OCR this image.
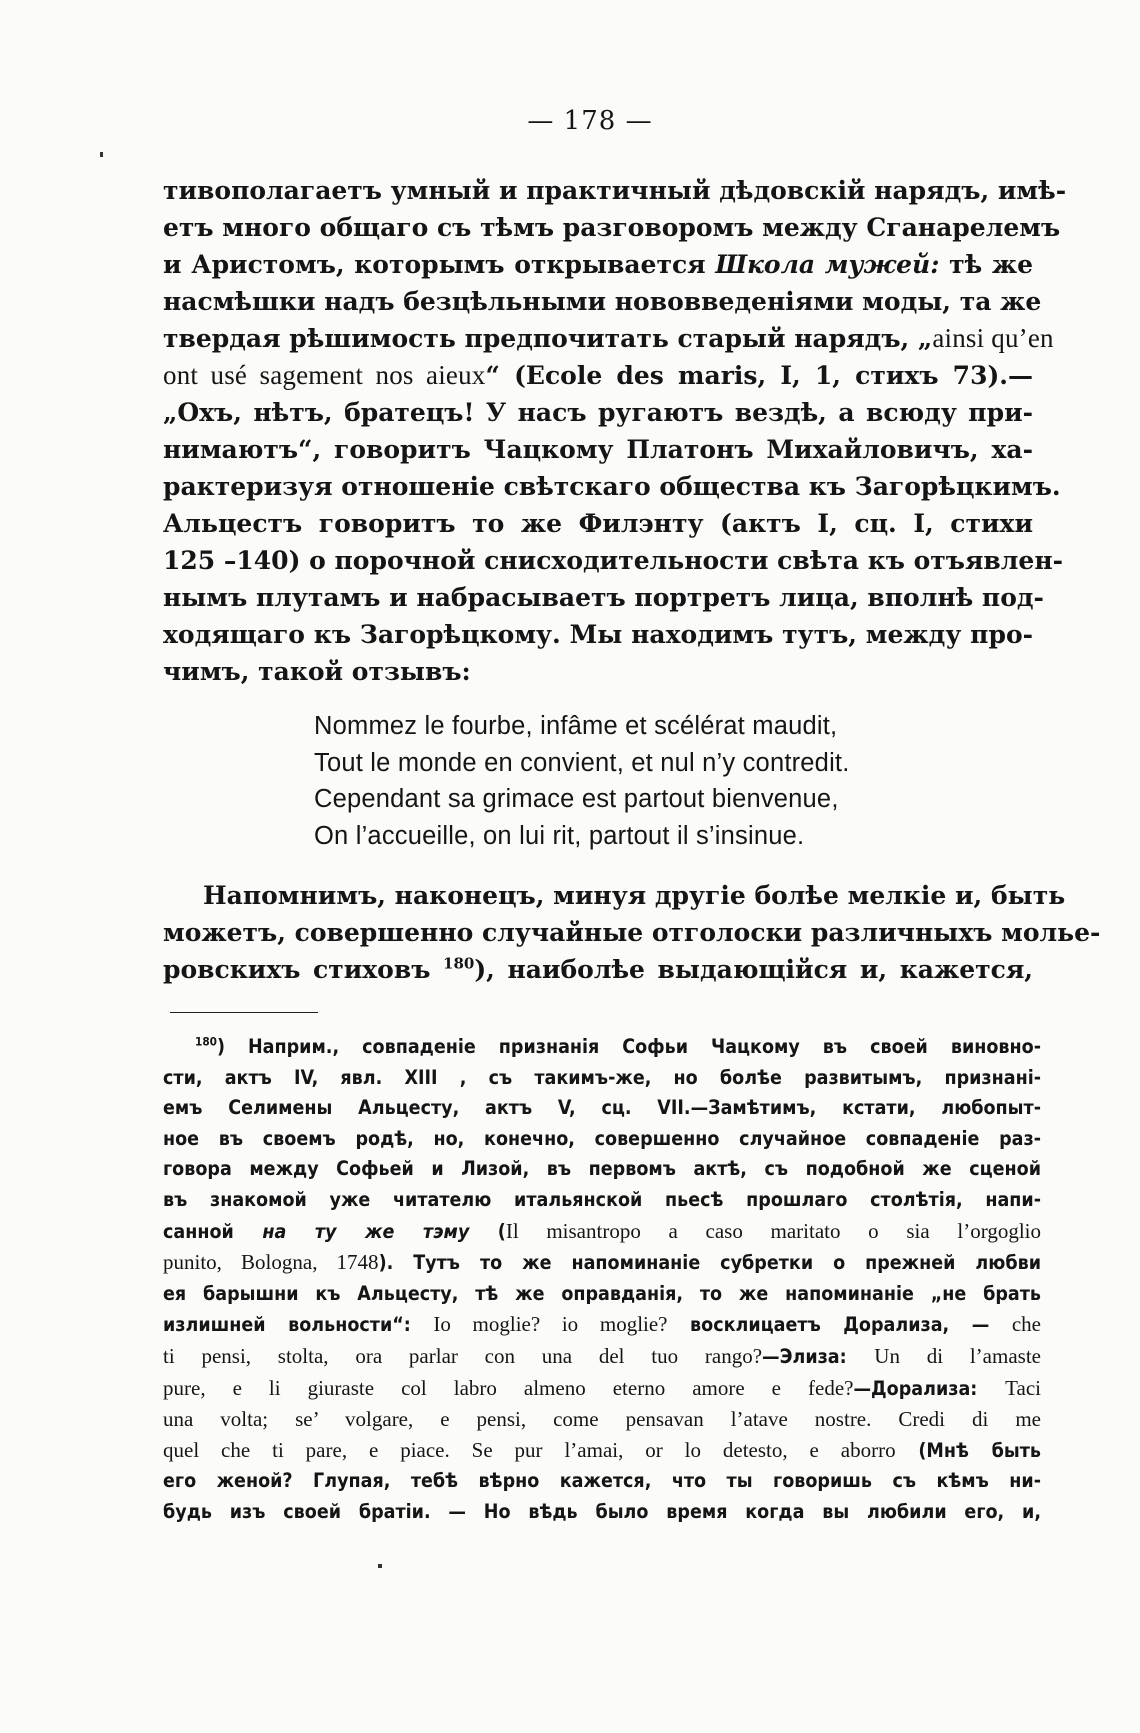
— 178 —
тивополагаетъ умный и практичный дѣдовскій нарядъ, имѣ-
етъ много общаго съ тѣмъ разговоромъ между Сганарелемъ
и Аристомъ, которымъ открывается Школа мужей: тѣ же
насмѣшки надъ безцѣльными нововведеніями моды, та же
твердая рѣшимость предпочитать старый нарядъ, „ainsi qu’en
ont usé sagement nos aieux“ (Ecole des maris, I, 1, стихъ 73).—
„Охъ, нѣтъ, братецъ! У насъ ругаютъ вездѣ, а всюду при-
нимаютъ“, говоритъ Чацкому Платонъ Михайловичъ, ха-
рактеризуя отношеніе свѣтскаго общества къ Загорѣцкимъ.
Альцестъ говоритъ то же Филэнту (актъ I, сц. I, стихи
125 –140) о порочной снисходительности свѣта къ отъявлен-
нымъ плутамъ и набрасываетъ портретъ лица, вполнѣ под-
ходящаго къ Загорѣцкому. Мы находимъ тутъ, между про-
чимъ, такой отзывъ:
Nommez le fourbe, infâme et scélérat maudit,
Tout le monde en convient, et nul n’y contredit.
Cependant sa grimace est partout bienvenue,
On l’accueille, on lui rit, partout il s’insinue.
Напомнимъ, наконецъ, минуя другіе болѣе мелкіе и, быть
можетъ, совершенно случайные отголоски различныхъ молье-
ровскихъ стиховъ $^{180}$), наиболѣе выдающійся и, кажется,
$^{180}$) Наприм., совпаденіе признанія Софьи Чацкому въ своей виновно-
сти, актъ IV, явл. XIII , съ такимъ-же, но болѣе развитымъ, признані-
емъ Селимены Альцесту, актъ V, сц. VII.—Замѣтимъ, кстати, любопыт-
ное въ своемъ родѣ, но, конечно, совершенно случайное совпаденіе раз-
говора между Софьей и Лизой, въ первомъ актѣ, съ подобной же сценой
въ знакомой уже читателю итальянской пьесѣ прошлаго столѣтія, напи-
санной на ту же тэму (Il misantropo a caso maritato o sia l’orgoglio
punito, Bologna, 1748). Тутъ то же напоминаніе субретки о прежней любви
ея барышни къ Альцесту, тѣ же оправданія, то же напоминаніе „не брать
излишней вольности“: Io moglie? io moglie? восклицаетъ Дорализа, — che
ti pensi, stolta, ora parlar con una del tuo rango?—Элиза: Un di l’amaste
pure, e li giuraste col labro almeno eterno amore e fede?—Дорализа: Taci
una volta; se’ volgare, e pensi, come pensavan l’atave nostre. Credi di me
quel che ti pare, e piace. Se pur l’amai, or lo detesto, e aborro (Мнѣ быть
его женой? Глупая, тебѣ вѣрно кажется, что ты говоришь съ кѣмъ ни-
будь изъ своей братіи. — Но вѣдь было время когда вы любили его, и,
